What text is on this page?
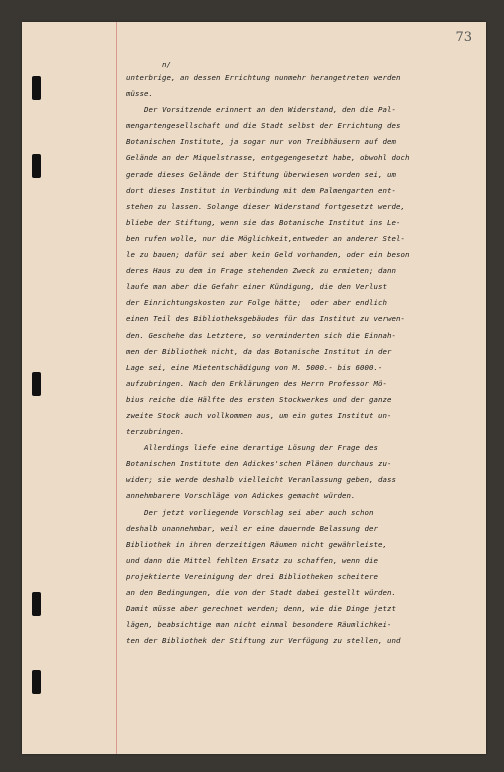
73
n/
unterbrige, an dessen Errichtung nunmehr herangetreten werden
müsse.
Der Vorsitzende erinnert an den Widerstand, den die Pal-
mengartengesellschaft und die Stadt selbst der Errichtung des
Botanischen Institute, ja sogar nur von Treibhäusern auf dem
Gelände an der Miquelstrasse, entgegengesetzt habe, obwohl doch
gerade dieses Gelände der Stiftung überwiesen worden sei, um
dort dieses Institut in Verbindung mit dem Palmengarten ent-
stehen zu lassen. Solange dieser Widerstand fortgesetzt werde,
bliebe der Stiftung, wenn sie das Botanische Institut ins Le-
ben rufen wolle, nur die Möglichkeit,entweder an anderer Stel-
le zu bauen; dafür sei aber kein Geld vorhanden, oder ein beson
deres Haus zu dem in Frage stehenden Zweck zu ermieten; dann
laufe man aber die Gefahr einer Kündigung, die den Verlust
der Einrichtungskosten zur Folge hätte;  oder aber endlich
einen Teil des Bibliotheksgebäudes für das Institut zu verwen-
den. Geschehe das Letztere, so verminderten sich die Einnah-
men der Bibliothek nicht, da das Botanische Institut in der
Lage sei, eine Mietentschädigung von M. 5000.- bis 6000.-
aufzubringen. Nach den Erklärungen des Herrn Professor Mö-
bius reiche die Hälfte des ersten Stockwerkes und der ganze
zweite Stock auch vollkommen aus, um ein gutes Institut un-
terzubringen.
Allerdings liefe eine derartige Lösung der Frage des
Botanischen Institute den Adickes'schen Plänen durchaus zu-
wider; sie werde deshalb vielleicht Veranlassung geben, dass
annehmbarere Vorschläge von Adickes gemacht würden.
Der jetzt vorliegende Vorschlag sei aber auch schon
deshalb unannehmbar, weil er eine dauernde Belassung der
Bibliothek in ihren derzeitigen Räumen nicht gewährleiste,
und dann die Mittel fehlten Ersatz zu schaffen, wenn die
projektierte Vereinigung der drei Bibliotheken scheitere
an den Bedingungen, die von der Stadt dabei gestellt würden.
Damit müsse aber gerechnet werden; denn, wie die Dinge jetzt
lägen, beabsichtige man nicht einmal besondere Räumlichkei-
ten der Bibliothek der Stiftung zur Verfügung zu stellen, und
